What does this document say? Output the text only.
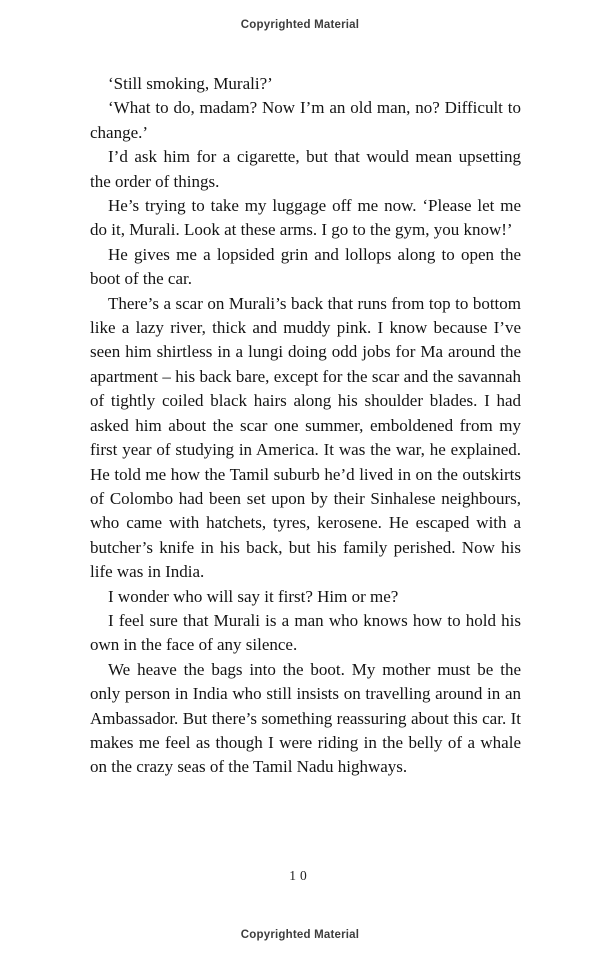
Copyrighted Material

‘Still smoking, Murali?’

‘What to do, madam? Now I’m an old man, no? Difficult to change.’

I’d ask him for a cigarette, but that would mean upsetting the order of things.

He’s trying to take my luggage off me now. ‘Please let me do it, Murali. Look at these arms. I go to the gym, you know!’

He gives me a lopsided grin and lollops along to open the boot of the car.

There’s a scar on Murali’s back that runs from top to bottom like a lazy river, thick and muddy pink. I know because I’ve seen him shirtless in a lungi doing odd jobs for Ma around the apartment – his back bare, except for the scar and the savannah of tightly coiled black hairs along his shoulder blades. I had asked him about the scar one summer, emboldened from my first year of studying in America. It was the war, he explained. He told me how the Tamil suburb he’d lived in on the outskirts of Colombo had been set upon by their Sinhalese neighbours, who came with hatchets, tyres, kerosene. He escaped with a butcher’s knife in his back, but his family perished. Now his life was in India.

I wonder who will say it first? Him or me?

I feel sure that Murali is a man who knows how to hold his own in the face of any silence.

We heave the bags into the boot. My mother must be the only person in India who still insists on travelling around in an Ambassador. But there’s something reassuring about this car. It makes me feel as though I were riding in the belly of a whale on the crazy seas of the Tamil Nadu highways.

10
Copyrighted Material
